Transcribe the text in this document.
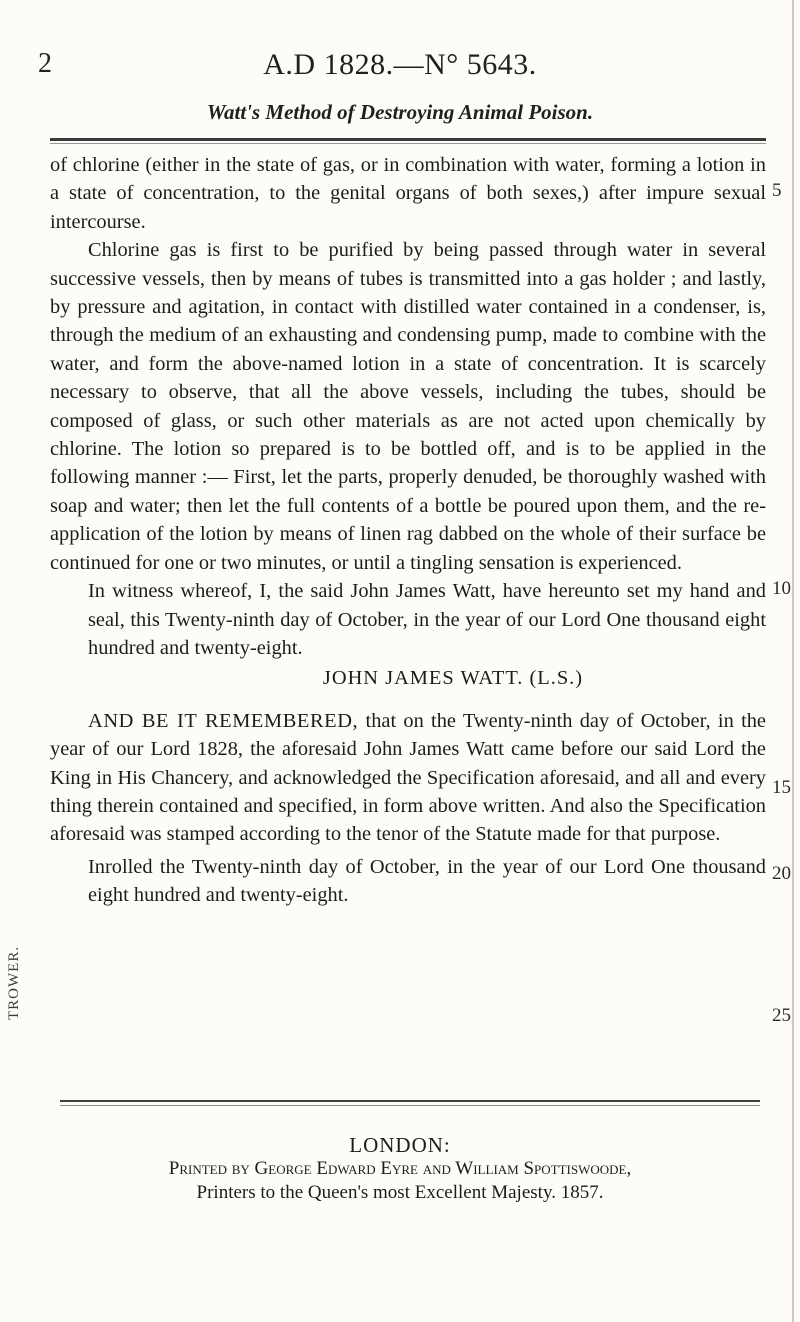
2	A.D 1828.—N° 5643.
Watt's Method of Destroying Animal Poison.

of chlorine (either in the state of gas, or in combination with water, forming a lotion in a state of concentration, to the genital organs of both sexes,) after impure sexual intercourse.

Chlorine gas is first to be purified by being passed through water in several successive vessels, then by means of tubes is transmitted into a gas holder ; and lastly, by pressure and agitation, in contact with distilled water contained in a condenser, is, through the medium of an exhausting and condensing pump, made to combine with the water, and form the above-named lotion in a state of concentration. It is scarcely necessary to observe, that all the above vessels, including the tubes, should be composed of glass, or such other materials as are not acted upon chemically by chlorine. The lotion so prepared is to be bottled off, and is to be applied in the following manner :— First, let the parts, properly denuded, be thoroughly washed with soap and water; then let the full contents of a bottle be poured upon them, and the re-application of the lotion by means of linen rag dabbed on the whole of their surface be continued for one or two minutes, or until a tingling sensation is experienced.

In witness whereof, I, the said John James Watt, have hereunto set my hand and seal, this Twenty-ninth day of October, in the year of our Lord One thousand eight hundred and twenty-eight.

JOHN JAMES WATT. (L.S.)

AND BE IT REMEMBERED, that on the Twenty-ninth day of October, in the year of our Lord 1828, the aforesaid John James Watt came before our said Lord the King in His Chancery, and acknowledged the Specification aforesaid, and all and every thing therein contained and specified, in form above written. And also the Specification aforesaid was stamped according to the tenor of the Statute made for that purpose.

Inrolled the Twenty-ninth day of October, in the year of our Lord One thousand eight hundred and twenty-eight.

5
10
15
20
25
TROWER.
LONDON:
Printed by George Edward Eyre and William Spottiswoode,
Printers to the Queen's most Excellent Majesty. 1857.
